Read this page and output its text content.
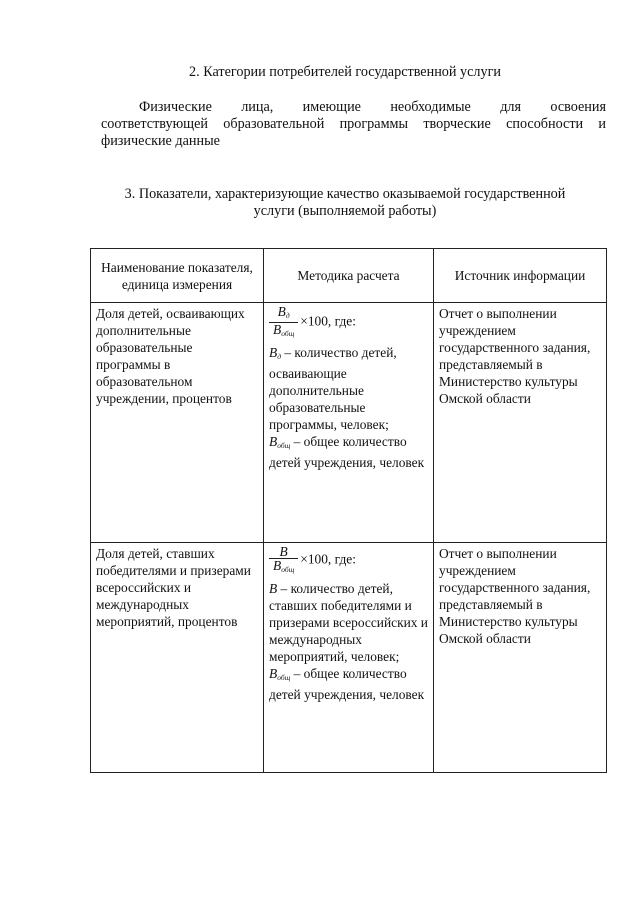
2. Категории потребителей государственной услуги
Физические лица, имеющие необходимые для освоения
соответствующей образовательной программы творческие способности и
физические данные
3. Показатели, характеризующие качество оказываемой государственной
услуги (выполняемой работы)
Наименование показателя, единица измерения	Методика расчета	Источник информации
Доля детей, осваивающих дополнительные образовательные программы в образовательном учреждении, процентов	$\frac{В_д}{В_{общ}} \times 100$, где:
$В_д$ – количество детей, осваивающие дополнительные образовательные программы, человек;
$В_{общ}$ – общее количество детей учреждения, человек	Отчет о выполнении учреждением государственного задания, представляемый в Министерство культуры Омской области
Доля детей, ставших победителями и призерами всероссийских и международных мероприятий, процентов	$\frac{В}{В_{общ}} \times 100$, где:
В – количество детей, ставших победителями и призерами всероссийских и международных мероприятий, человек;
$В_{общ}$ – общее количество детей учреждения, человек	Отчет о выполнении учреждением государственного задания, представляемый в Министерство культуры Омской области
